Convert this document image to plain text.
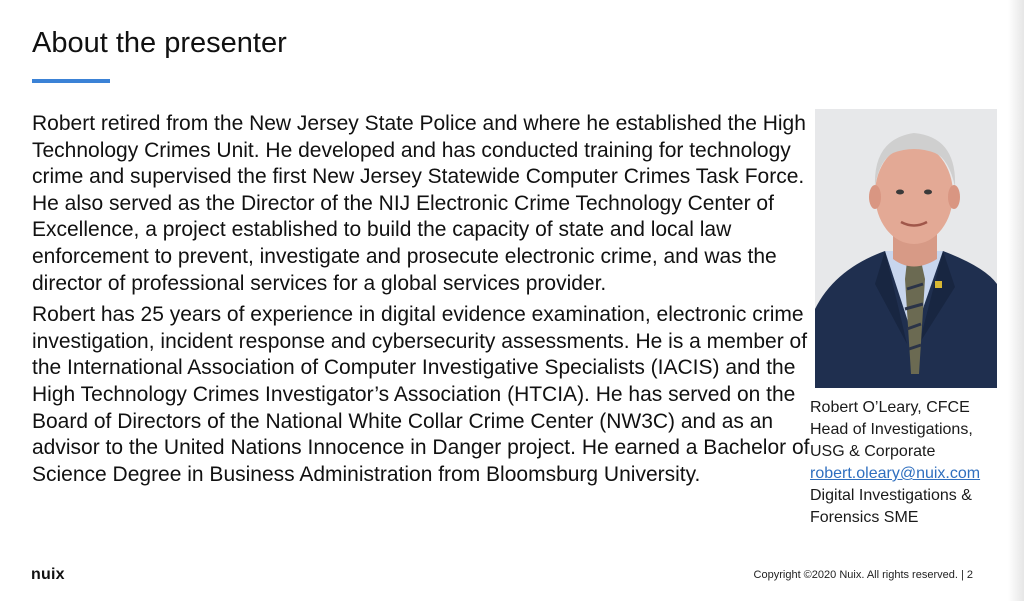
About the presenter

Robert retired from the New Jersey State Police and where he established the High Technology Crimes Unit. He developed and has conducted training for technology crime and supervised the first New Jersey Statewide Computer Crimes Task Force. He also served as the Director of the NIJ Electronic Crime Technology Center of Excellence, a project established to build the capacity of state and local law enforcement to prevent, investigate and prosecute electronic crime, and was the director of professional services for a global services provider.

Robert has 25 years of experience in digital evidence examination, electronic crime investigation, incident response and cybersecurity assessments. He is a member of the International Association of Computer Investigative Specialists (IACIS) and the High Technology Crimes Investigator’s Association (HTCIA). He has served on the Board of Directors of the National White Collar Crime Center (NW3C) and as an advisor to the United Nations Innocence in Danger project. He earned a Bachelor of Science Degree in Business Administration from Bloomsburg University.

Robert O’Leary, CFCE
Head of Investigations,
USG & Corporate
robert.oleary@nuix.com
Digital Investigations &
Forensics SME
nuix	Copyright ©2020 Nuix. All rights reserved. | 2
